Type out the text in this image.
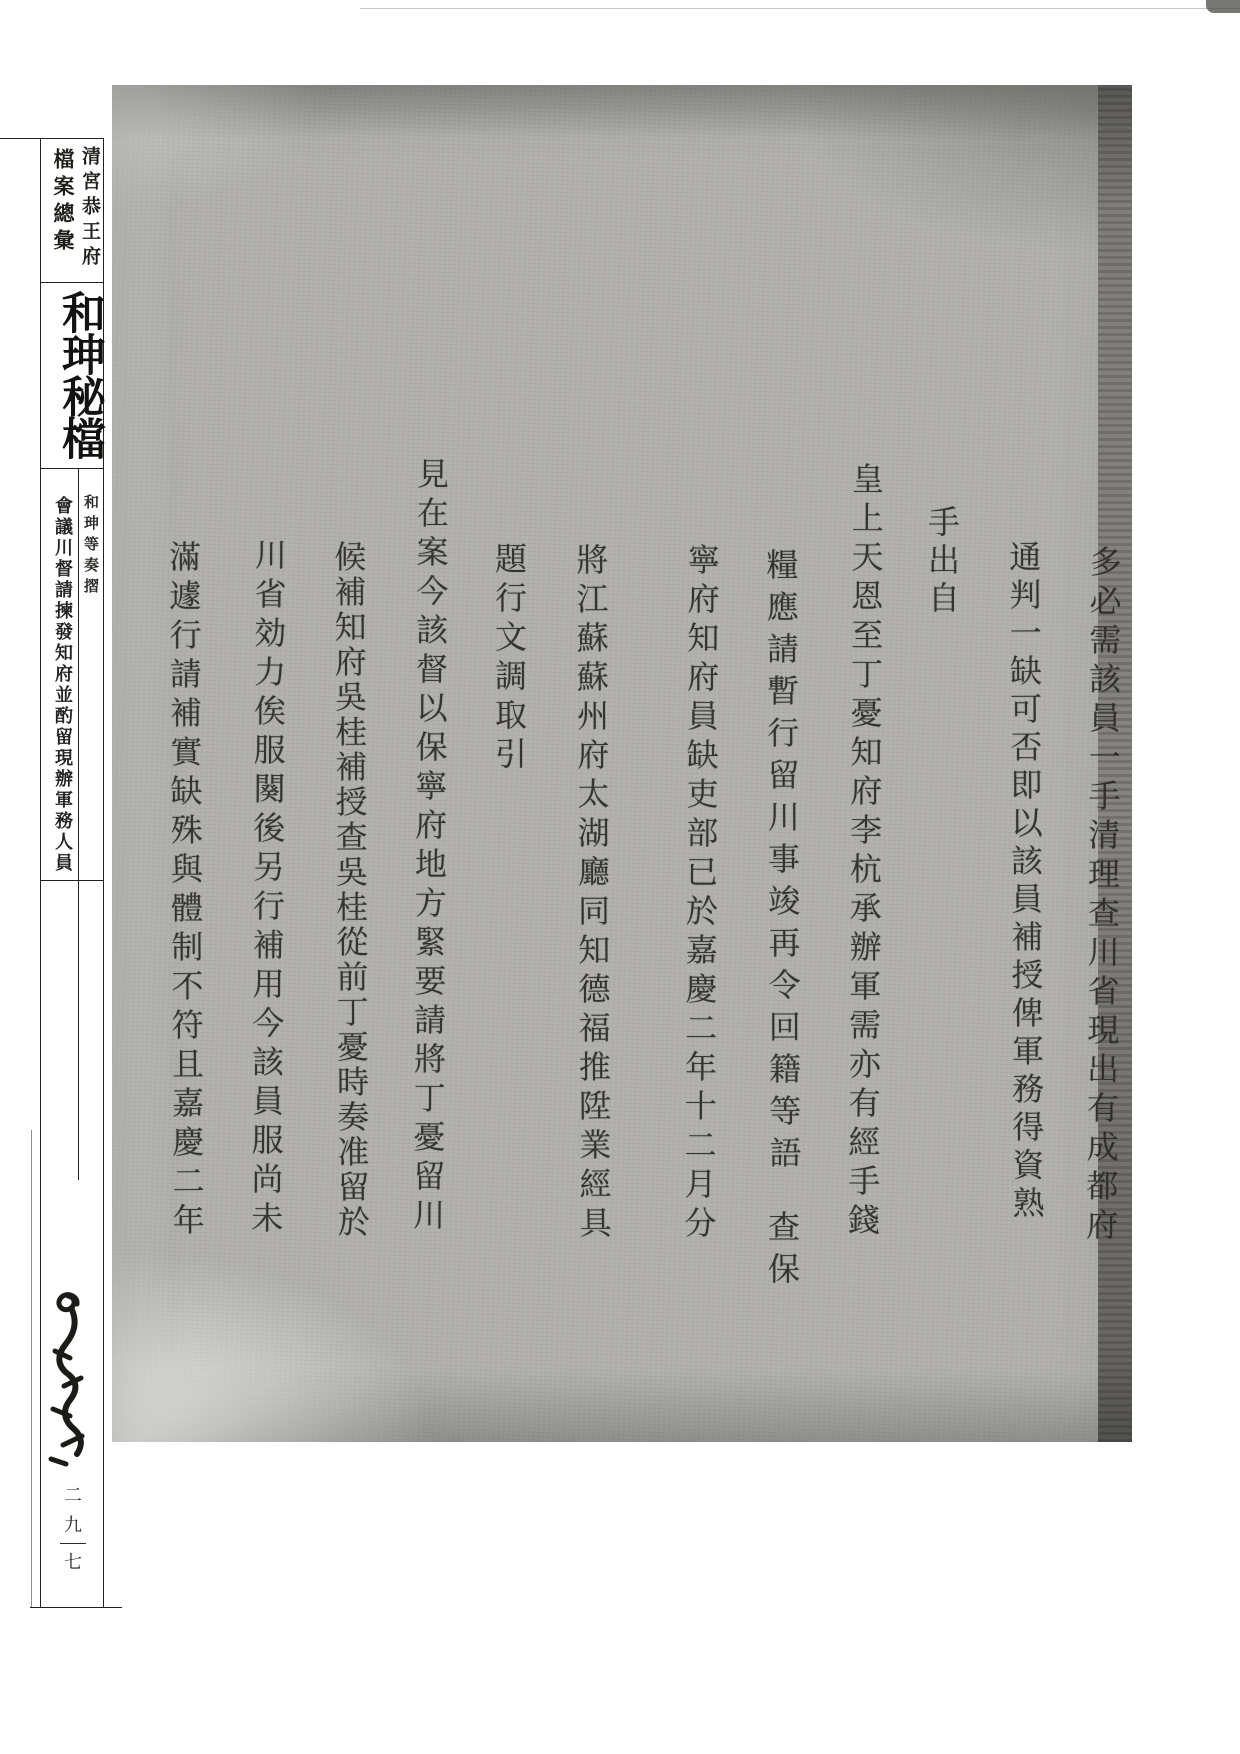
清宮恭王府
檔案總彙
和珅秘檔
和珅等奏摺
會議川督請揀發知府並酌留現辦軍務人員
二
九
七
多必需該員一手清理查川省現出有成都府
通判一缺可否即以該員補授俾軍務得資熟
手出自
皇上天恩至丁憂知府李杭承辦軍需亦有經手錢
糧應請暫行留川事竣再令回籍等語
查保
寧府知府員缺吏部已於嘉慶二年十二月分
將江蘇蘇州府太湖廳同知德福推陞業經具
題行文調取引
見在案今該督以保寧府地方緊要請將丁憂留川
候補知府吳桂補授查吳桂從前丁憂時奏准留於
川省効力俟服闋後另行補用今該員服尚未
滿遽行請補實缺殊與體制不符且嘉慶二年
